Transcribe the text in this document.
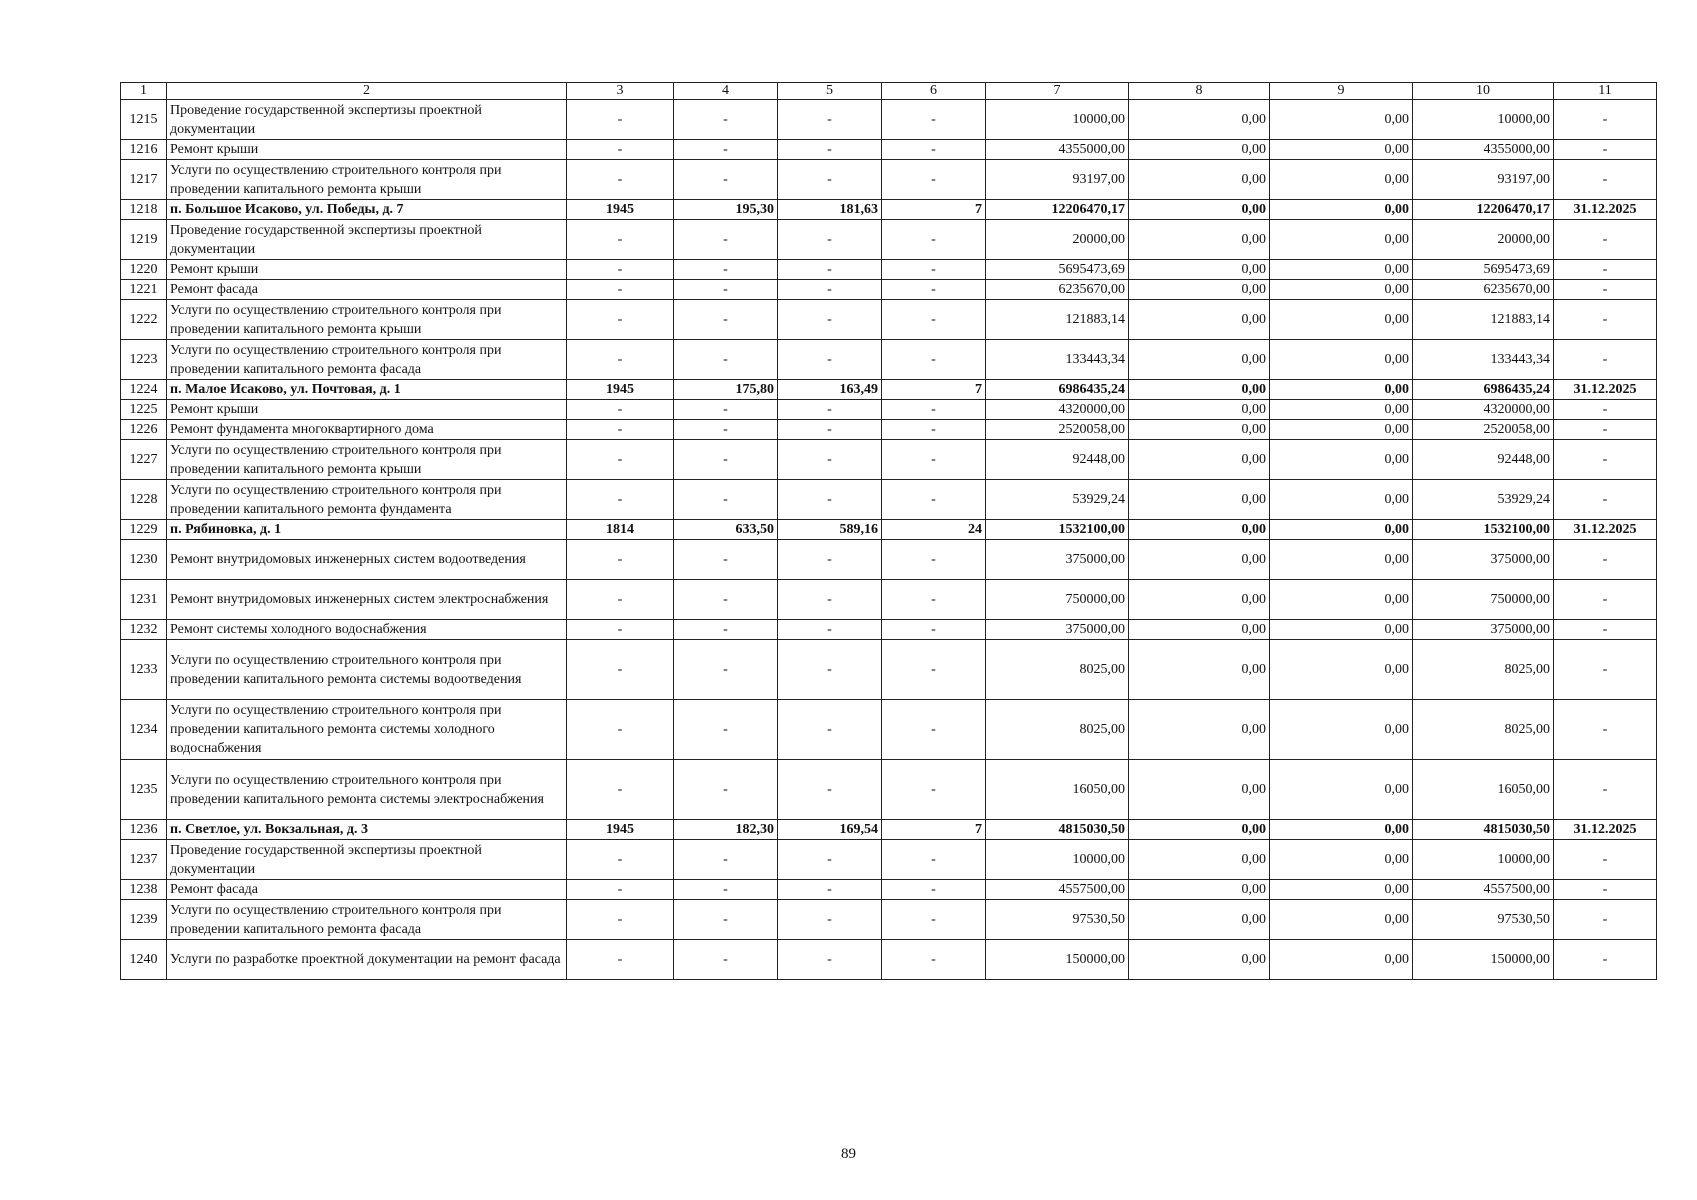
1	2	3	4	5	6	7	8	9	10	11
1215	Проведение государственной экспертизы проектной документации	-	-	-	-	10000,00	0,00	0,00	10000,00	-
1216	Ремонт крыши	-	-	-	-	4355000,00	0,00	0,00	4355000,00	-
1217	Услуги по осуществлению строительного контроля при проведении капитального ремонта крыши	-	-	-	-	93197,00	0,00	0,00	93197,00	-
1218	п. Большое Исаково, ул. Победы, д. 7	1945	195,30	181,63	7	12206470,17	0,00	0,00	12206470,17	31.12.2025
1219	Проведение государственной экспертизы проектной документации	-	-	-	-	20000,00	0,00	0,00	20000,00	-
1220	Ремонт крыши	-	-	-	-	5695473,69	0,00	0,00	5695473,69	-
1221	Ремонт фасада	-	-	-	-	6235670,00	0,00	0,00	6235670,00	-
1222	Услуги по осуществлению строительного контроля при проведении капитального ремонта крыши	-	-	-	-	121883,14	0,00	0,00	121883,14	-
1223	Услуги по осуществлению строительного контроля при проведении капитального ремонта фасада	-	-	-	-	133443,34	0,00	0,00	133443,34	-
1224	п. Малое Исаково, ул. Почтовая, д. 1	1945	175,80	163,49	7	6986435,24	0,00	0,00	6986435,24	31.12.2025
1225	Ремонт крыши	-	-	-	-	4320000,00	0,00	0,00	4320000,00	-
1226	Ремонт фундамента многоквартирного дома	-	-	-	-	2520058,00	0,00	0,00	2520058,00	-
1227	Услуги по осуществлению строительного контроля при проведении капитального ремонта крыши	-	-	-	-	92448,00	0,00	0,00	92448,00	-
1228	Услуги по осуществлению строительного контроля при проведении капитального ремонта фундамента	-	-	-	-	53929,24	0,00	0,00	53929,24	-
1229	п. Рябиновка, д. 1	1814	633,50	589,16	24	1532100,00	0,00	0,00	1532100,00	31.12.2025
1230	Ремонт внутридомовых инженерных систем водоотведения	-	-	-	-	375000,00	0,00	0,00	375000,00	-
1231	Ремонт внутридомовых инженерных систем электроснабжения	-	-	-	-	750000,00	0,00	0,00	750000,00	-
1232	Ремонт системы холодного водоснабжения	-	-	-	-	375000,00	0,00	0,00	375000,00	-
1233	Услуги по осуществлению строительного контроля при проведении капитального ремонта системы водоотведения	-	-	-	-	8025,00	0,00	0,00	8025,00	-
1234	Услуги по осуществлению строительного контроля при проведении капитального ремонта системы холодного водоснабжения	-	-	-	-	8025,00	0,00	0,00	8025,00	-
1235	Услуги по осуществлению строительного контроля при проведении капитального ремонта системы электроснабжения	-	-	-	-	16050,00	0,00	0,00	16050,00	-
1236	п. Светлое, ул. Вокзальная, д. 3	1945	182,30	169,54	7	4815030,50	0,00	0,00	4815030,50	31.12.2025
1237	Проведение государственной экспертизы проектной документации	-	-	-	-	10000,00	0,00	0,00	10000,00	-
1238	Ремонт фасада	-	-	-	-	4557500,00	0,00	0,00	4557500,00	-
1239	Услуги по осуществлению строительного контроля при проведении капитального ремонта фасада	-	-	-	-	97530,50	0,00	0,00	97530,50	-
1240	Услуги по разработке проектной документации на ремонт фасада	-	-	-	-	150000,00	0,00	0,00	150000,00	-
89
